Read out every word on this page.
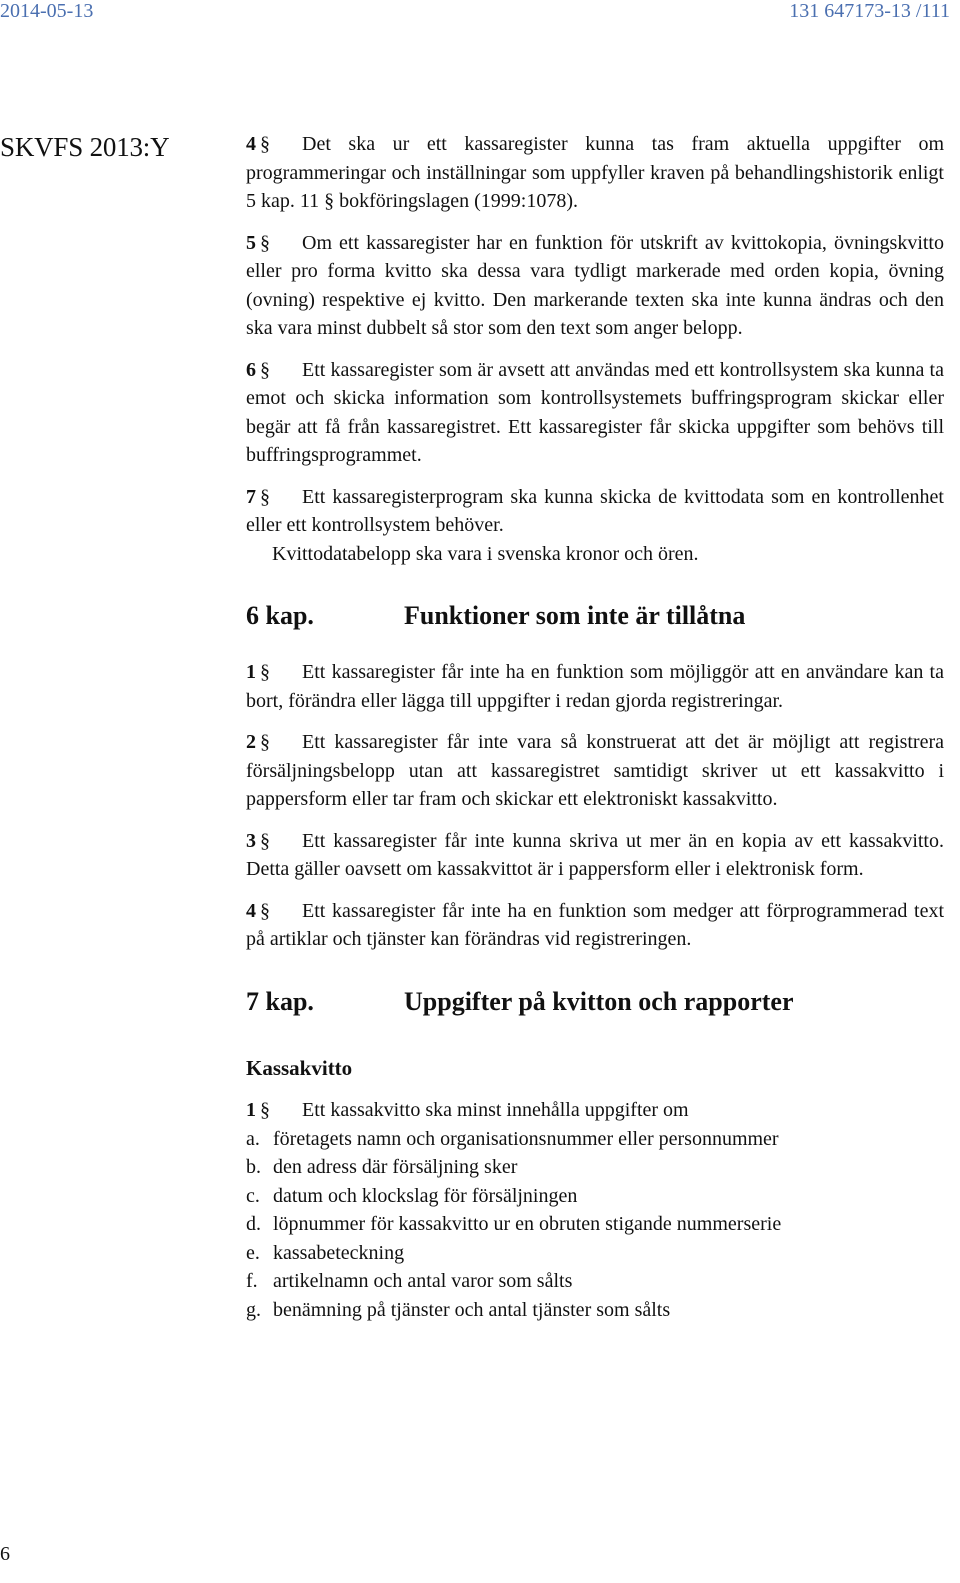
2014-05-13	131 647173-13 /111
SKVFS 2013:Y	4 § Det ska ur ett kassaregister kunna tas fram aktuella uppgifter om programmeringar och inställningar som uppfyller kraven på behandlingshistorik enligt 5 kap. 11 § bokföringslagen (1999:1078).

5 § Om ett kassaregister har en funktion för utskrift av kvittokopia, övningskvitto eller pro forma kvitto ska dessa vara tydligt markerade med orden kopia, övning (ovning) respektive ej kvitto. Den markerande texten ska inte kunna ändras och den ska vara minst dubbelt så stor som den text som anger belopp.

6 § Ett kassaregister som är avsett att användas med ett kontrollsystem ska kunna ta emot och skicka information som kontrollsystemets buffringsprogram skickar eller begär att få från kassaregistret. Ett kassaregister får skicka uppgifter som behövs till buffringsprogrammet.

7 § Ett kassaregisterprogram ska kunna skicka de kvittodata som en kontrollenhet eller ett kontrollsystem behöver.

Kvittodatabelopp ska vara i svenska kronor och ören.

6 kap.	Funktioner som inte är tillåtna

1 § Ett kassaregister får inte ha en funktion som möjliggör att en användare kan ta bort, förändra eller lägga till uppgifter i redan gjorda registreringar.

2 § Ett kassaregister får inte vara så konstruerat att det är möjligt att registrera försäljningsbelopp utan att kassaregistret samtidigt skriver ut ett kassakvitto i pappersform eller tar fram och skickar ett elektroniskt kassakvitto.

3 § Ett kassaregister får inte kunna skriva ut mer än en kopia av ett kassakvitto. Detta gäller oavsett om kassakvittot är i pappersform eller i elektronisk form.

4 § Ett kassaregister får inte ha en funktion som medger att förprogrammerad text på artiklar och tjänster kan förändras vid registreringen.

7 kap.	Uppgifter på kvitton och rapporter

Kassakvitto

1 § Ett kassakvitto ska minst innehålla uppgifter om

a. företagets namn och organisationsnummer eller personnummer
b. den adress där försäljning sker
c. datum och klockslag för försäljningen
d. löpnummer för kassakvitto ur en obruten stigande nummerserie
e. kassabeteckning
f. artikelnamn och antal varor som sålts
g. benämning på tjänster och antal tjänster som sålts
6
